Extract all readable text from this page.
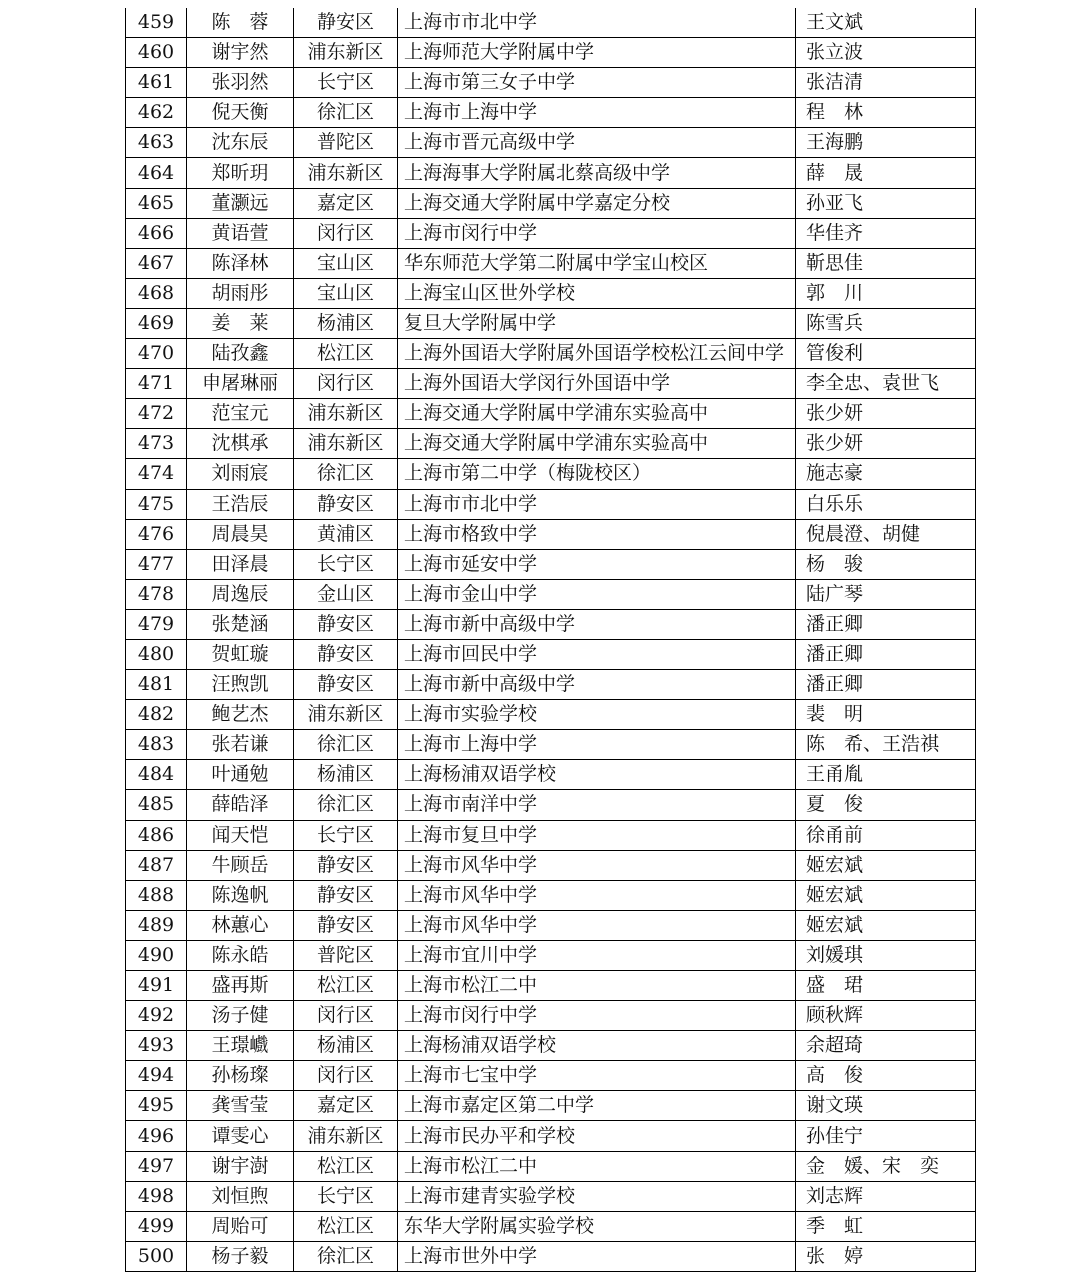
459	陈　蓉	静安区	上海市市北中学	王文斌
460	谢宇然	浦东新区	上海师范大学附属中学	张立波
461	张羽然	长宁区	上海市第三女子中学	张洁清
462	倪天衡	徐汇区	上海市上海中学	程　林
463	沈东辰	普陀区	上海市晋元高级中学	王海鹏
464	郑昕玥	浦东新区	上海海事大学附属北蔡高级中学	薛　晟
465	董灏远	嘉定区	上海交通大学附属中学嘉定分校	孙亚飞
466	黄语萱	闵行区	上海市闵行中学	华佳齐
467	陈泽林	宝山区	华东师范大学第二附属中学宝山校区	靳思佳
468	胡雨彤	宝山区	上海宝山区世外学校	郭　川
469	姜　莱	杨浦区	复旦大学附属中学	陈雪兵
470	陆孜鑫	松江区	上海外国语大学附属外国语学校松江云间中学	管俊利
471	申屠琳丽	闵行区	上海外国语大学闵行外国语中学	李全忠、袁世飞
472	范宝元	浦东新区	上海交通大学附属中学浦东实验高中	张少妍
473	沈棋承	浦东新区	上海交通大学附属中学浦东实验高中	张少妍
474	刘雨宸	徐汇区	上海市第二中学（梅陇校区）	施志豪
475	王浩辰	静安区	上海市市北中学	白乐乐
476	周晨昊	黄浦区	上海市格致中学	倪晨澄、胡健
477	田泽晨	长宁区	上海市延安中学	杨　骏
478	周逸辰	金山区	上海市金山中学	陆广琴
479	张楚涵	静安区	上海市新中高级中学	潘正卿
480	贺虹璇	静安区	上海市回民中学	潘正卿
481	汪煦凯	静安区	上海市新中高级中学	潘正卿
482	鲍艺杰	浦东新区	上海市实验学校	裴　明
483	张若谦	徐汇区	上海市上海中学	陈　希、王浩祺
484	叶通勉	杨浦区	上海杨浦双语学校	王甬胤
485	薛皓泽	徐汇区	上海市南洋中学	夏　俊
486	闻天恺	长宁区	上海市复旦中学	徐甬前
487	牛顾岳	静安区	上海市风华中学	姬宏斌
488	陈逸帆	静安区	上海市风华中学	姬宏斌
489	林蕙心	静安区	上海市风华中学	姬宏斌
490	陈永皓	普陀区	上海市宜川中学	刘媛琪
491	盛再斯	松江区	上海市松江二中	盛　珺
492	汤子健	闵行区	上海市闵行中学	顾秋辉
493	王璟巇	杨浦区	上海杨浦双语学校	余超琦
494	孙杨璨	闵行区	上海市七宝中学	高　俊
495	龚雪莹	嘉定区	上海市嘉定区第二中学	谢文瑛
496	谭雯心	浦东新区	上海市民办平和学校	孙佳宁
497	谢宇澍	松江区	上海市松江二中	金　媛、宋　奕
498	刘恒煦	长宁区	上海市建青实验学校	刘志辉
499	周贻可	松江区	东华大学附属实验学校	季　虹
500	杨子毅	徐汇区	上海市世外中学	张　婷
